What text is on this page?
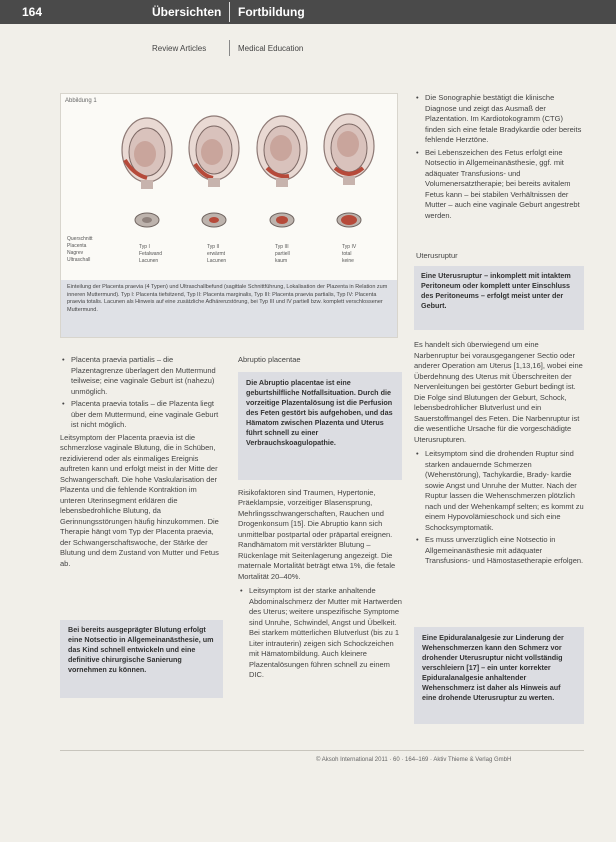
164	Übersichten Fortbildung
Review Articles	Medical Education
Abbildung 1
Querschnitt
Placenta
Nagrev
Ultraschall
Typ I
Fetalwand
Lacunen
Typ II
erwärmt
Lacunen
Typ III
partiell
kaum
Typ IV
total
keine
Einteilung der Placenta praevia (4 Typen) und Ultraschallbefund (sagittale Schnittführung, Lokalisation der Plazenta in Relation zum inneren Muttermund). Typ I: Placenta tiefsitzend, Typ II: Placenta marginalis, Typ III: Placenta praevia partialis, Typ IV: Placenta praevia totalis. Lacunen als Hinweis auf eine zusätzliche Adhärenzstörung, bei Typ III und IV partiell bzw. komplett verschlossener Muttermund.
• Die Sonographie bestätigt die klinische Diagnose und zeigt das Ausmaß der Plazentation. Im Kardiotokogramm (CTG) finden sich eine fetale Bradykardie oder bereits fehlende Herztöne.
• Bei Lebenszeichen des Fetus erfolgt eine Notsectio in Allgemeinanästhesie, ggf. mit adäquater Transfusions- und Volumenersatztherapie; bei bereits avitalem Fetus kann – bei stabilen Verhältnissen der Mutter – auch eine vaginale Geburt angestrebt werden.
Uterusruptur
Eine Uterusruptur – inkomplett mit intaktem Peritoneum oder komplett unter Einschluss des Peritoneums – erfolgt meist unter der Geburt.
• Placenta praevia partialis – die Plazentagrenze überlagert den Muttermund teilweise; eine vaginale Geburt ist (nahezu) unmöglich.
• Placenta praevia totalis – die Plazenta liegt über dem Muttermund, eine vaginale Geburt ist nicht möglich.

Leitsymptom der Placenta praevia ist die schmerzlose vaginale Blutung, die in Schüben, rezidivierend oder als einmaliges Ereignis auftreten kann und erfolgt meist in der Mitte der Schwangerschaft. Die hohe Vaskularisation der Plazenta und die fehlende Kontraktion im unteren Uterinsegment erklären die lebensbedrohliche Blutung, da Gerinnungsstörungen häufig hinzukommen. Die Therapie hängt vom Typ der Placenta praevia, der Schwangerschaftswoche, der Stärke der Blutung und dem Zustand von Mutter und Fetus ab.

Bei bereits ausgeprägter Blutung erfolgt eine Notsectio in Allgemeinanästhesie, um das Kind schnell entwickeln und eine definitive chirurgische Sanierung vornehmen zu können.
Abruptio placentae
Die Abruptio placentae ist eine geburtshilfliche Notfallsituation. Durch die vorzeitige Plazentalösung ist die Perfusion des Feten gestört bis aufgehoben, und das Hämatom zwischen Plazenta und Uterus führt schnell zu einer Verbrauchskoagulopathie.

Risikofaktoren sind Traumen, Hypertonie, Präeklampsie, vorzeitiger Blasensprung, Mehrlingsschwangerschaften, Rauchen und Drogenkonsum [15]. Die Abruptio kann sich unmittelbar postpartal oder präpartal ereignen. Randhämatom mit verstärkter Blutung – Rückenlage mit Seitenlagerung angezeigt. Die maternale Mortalität beträgt etwa 1%, die fetale Mortalität 20–40%.

• Leitsymptom ist der starke anhaltende Abdominalschmerz der Mutter mit Hartwerden des Uterus; weitere unspezifische Symptome sind Unruhe, Schwindel, Angst und Übelkeit. Bei starkem mütterlichen Blutverlust (bis zu 1 Liter intrauterin) zeigen sich Schockzeichen mit Hämatombildung. Auch kleinere Plazentalösungen führen schnell zu einem DIC.

Es handelt sich überwiegend um eine Narbenruptur bei vorausgegangener Sectio oder anderer Operation am Uterus [1,13,16], wobei eine Überdehnung des Uterus mit Überschreiten der Nervenleitungen bei gestörter Geburt bedingt ist. Die Folge sind Blutungen der Geburt, Schock, lebensbedrohlicher Blutverlust und ein Sauerstoffmangel des Feten. Die Narbenruptur ist die wesentliche Ursache für die vorgeschädigte Uterusrupturen.

• Leitsymptom sind die drohenden Ruptur sind starken andauernde Schmerzen (Wehenstörung), Tachykardie, Brady- kardie sowie Angst und Unruhe der Mutter. Nach der Ruptur lassen die Wehenschmerzen plötzlich nach und der Wehenkampf selten; es kommt zu einem Hypovolämieschock und sich eine Schocksymptomatik.
• Es muss unverzüglich eine Notsectio in Allgemeinanästhesie mit adäquater Transfusions- und Hämostasetherapie erfolgen.
Eine Epiduralanalgesie zur Linderung der Wehenschmerzen kann den Schmerz vor drohender Uterusruptur nicht vollständig verschleiern [17] – ein unter korrekter Epiduralanalgesie anhaltender Wehenschmerz ist daher als Hinweis auf eine drohende Uterusruptur zu werten.
© Aksoh International 2011 · 60 · 164–169 · Aktiv Thieme & Verlag GmbH
